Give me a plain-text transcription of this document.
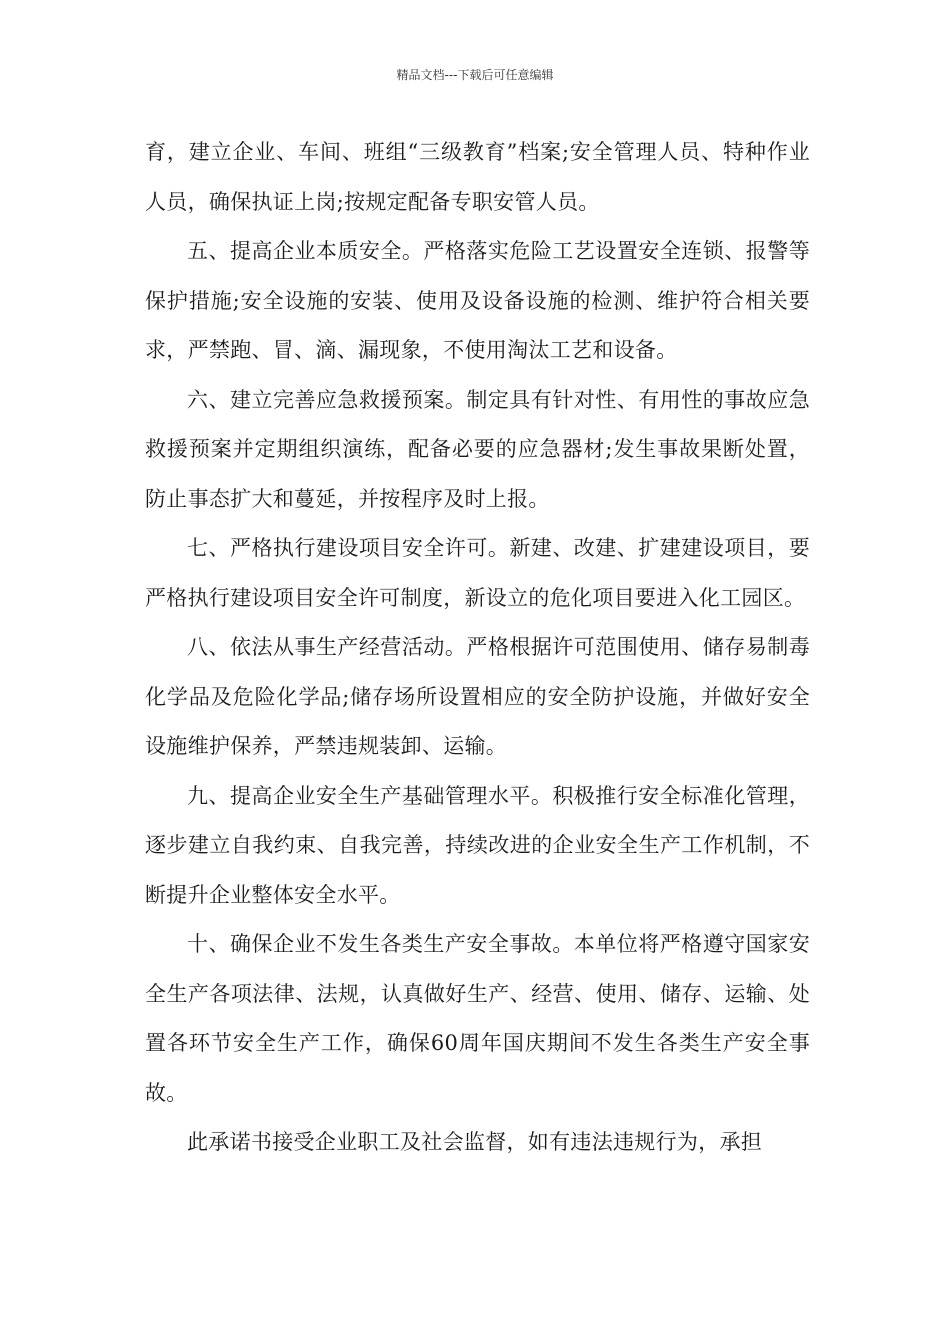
精品文档---下载后可任意编辑

育，建立企业、车间、班组“三级教育”档案;安全管理人员、特种作业人员，确保执证上岗;按规定配备专职安管人员。

五、提高企业本质安全。严格落实危险工艺设置安全连锁、报警等保护措施;安全设施的安装、使用及设备设施的检测、维护符合相关要求，严禁跑、冒、滴、漏现象，不使用淘汰工艺和设备。

六、建立完善应急救援预案。制定具有针对性、有用性的事故应急救援预案并定期组织演练，配备必要的应急器材;发生事故果断处置，防止事态扩大和蔓延，并按程序及时上报。

七、严格执行建设项目安全许可。新建、改建、扩建建设项目，要严格执行建设项目安全许可制度，新设立的危化项目要进入化工园区。

八、依法从事生产经营活动。严格根据许可范围使用、储存易制毒化学品及危险化学品;储存场所设置相应的安全防护设施，并做好安全设施维护保养，严禁违规装卸、运输。

九、提高企业安全生产基础管理水平。积极推行安全标准化管理，逐步建立自我约束、自我完善，持续改进的企业安全生产工作机制，不断提升企业整体安全水平。

十、确保企业不发生各类生产安全事故。本单位将严格遵守国家安全生产各项法律、法规，认真做好生产、经营、使用、储存、运输、处置各环节安全生产工作，确保60周年国庆期间不发生各类生产安全事故。

此承诺书接受企业职工及社会监督，如有违法违规行为，承担
